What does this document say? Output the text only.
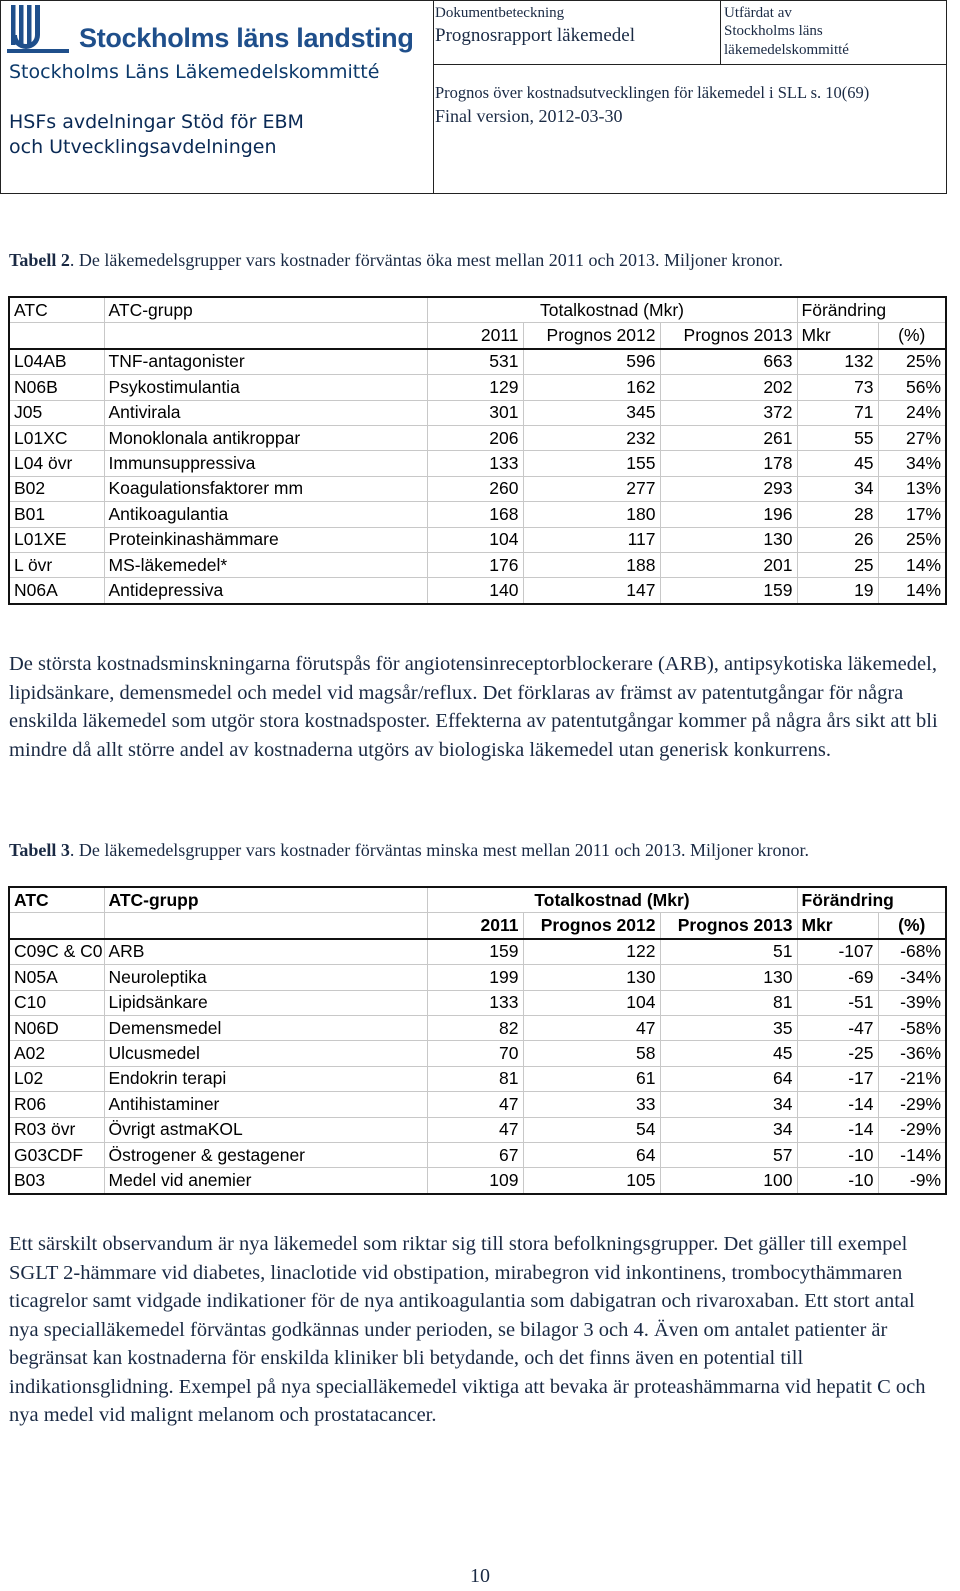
Stockholms läns landsting
Stockholms Läns Läkemedelskommitté
HSFs avdelningar Stöd för EBM
och Utvecklingsavdelningen
Dokumentbeteckning
Prognosrapport läkemedel
Utfärdat av
Stockholms läns
läkemedelskommitté
Prognos över kostnadsutvecklingen för läkemedel i SLL s. 10(69)
Final version, 2012-03-30
Tabell 2. De läkemedelsgrupper vars kostnader förväntas öka mest mellan 2011 och 2013. Miljoner kronor.
ATC	ATC-grupp	Totalkostnad (Mkr)			Förändring	
		2011	Prognos 2012	Prognos 2013	Mkr	(%)
L04AB	TNF-antagonister	531	596	663	132	25%
N06B	Psykostimulantia	129	162	202	73	56%
J05	Antivirala	301	345	372	71	24%
L01XC	Monoklonala antikroppar	206	232	261	55	27%
L04 övr	Immunsuppressiva	133	155	178	45	34%
B02	Koagulationsfaktorer mm	260	277	293	34	13%
B01	Antikoagulantia	168	180	196	28	17%
L01XE	Proteinkinashämmare	104	117	130	26	25%
L övr	MS-läkemedel*	176	188	201	25	14%
N06A	Antidepressiva	140	147	159	19	14%
De största kostnadsminskningarna förutspås för angiotensinreceptorblockerare (ARB), antipsykotiska läkemedel, lipidsänkare, demensmedel och medel vid magsår/reflux. Det förklaras av främst av patentutgångar för några enskilda läkemedel som utgör stora kostnadsposter. Effekterna av patentutgångar kommer på några års sikt att bli mindre då allt större andel av kostnaderna utgörs av biologiska läkemedel utan generisk konkurrens.
Tabell 3. De läkemedelsgrupper vars kostnader förväntas minska mest mellan 2011 och 2013. Miljoner kronor.
ATC	ATC-grupp	Totalkostnad (Mkr)			Förändring	
		2011	Prognos 2012	Prognos 2013	Mkr	(%)
C09C & C0	ARB	159	122	51	-107	-68%
N05A	Neuroleptika	199	130	130	-69	-34%
C10	Lipidsänkare	133	104	81	-51	-39%
N06D	Demensmedel	82	47	35	-47	-58%
A02	Ulcusmedel	70	58	45	-25	-36%
L02	Endokrin terapi	81	61	64	-17	-21%
R06	Antihistaminer	47	33	34	-14	-29%
R03 övr	Övrigt astmaKOL	47	54	34	-14	-29%
G03CDF	Östrogener & gestagener	67	64	57	-10	-14%
B03	Medel vid anemier	109	105	100	-10	-9%
Ett särskilt observandum är nya läkemedel som riktar sig till stora befolkningsgrupper. Det gäller till exempel SGLT 2-hämmare vid diabetes, linaclotide vid obstipation, mirabegron vid inkontinens, trombocythämmaren ticagrelor samt vidgade indikationer för de nya antikoagulantia som dabigatran och rivaroxaban. Ett stort antal nya specialläkemedel förväntas godkännas under perioden, se bilagor 3 och 4. Även om antalet patienter är begränsat kan kostnaderna för enskilda kliniker bli betydande, och det finns även en potential till indikationsglidning. Exempel på nya specialläkemedel viktiga att bevaka är proteashämmarna vid hepatit C och nya medel vid malignt melanom och prostatacancer.
10
